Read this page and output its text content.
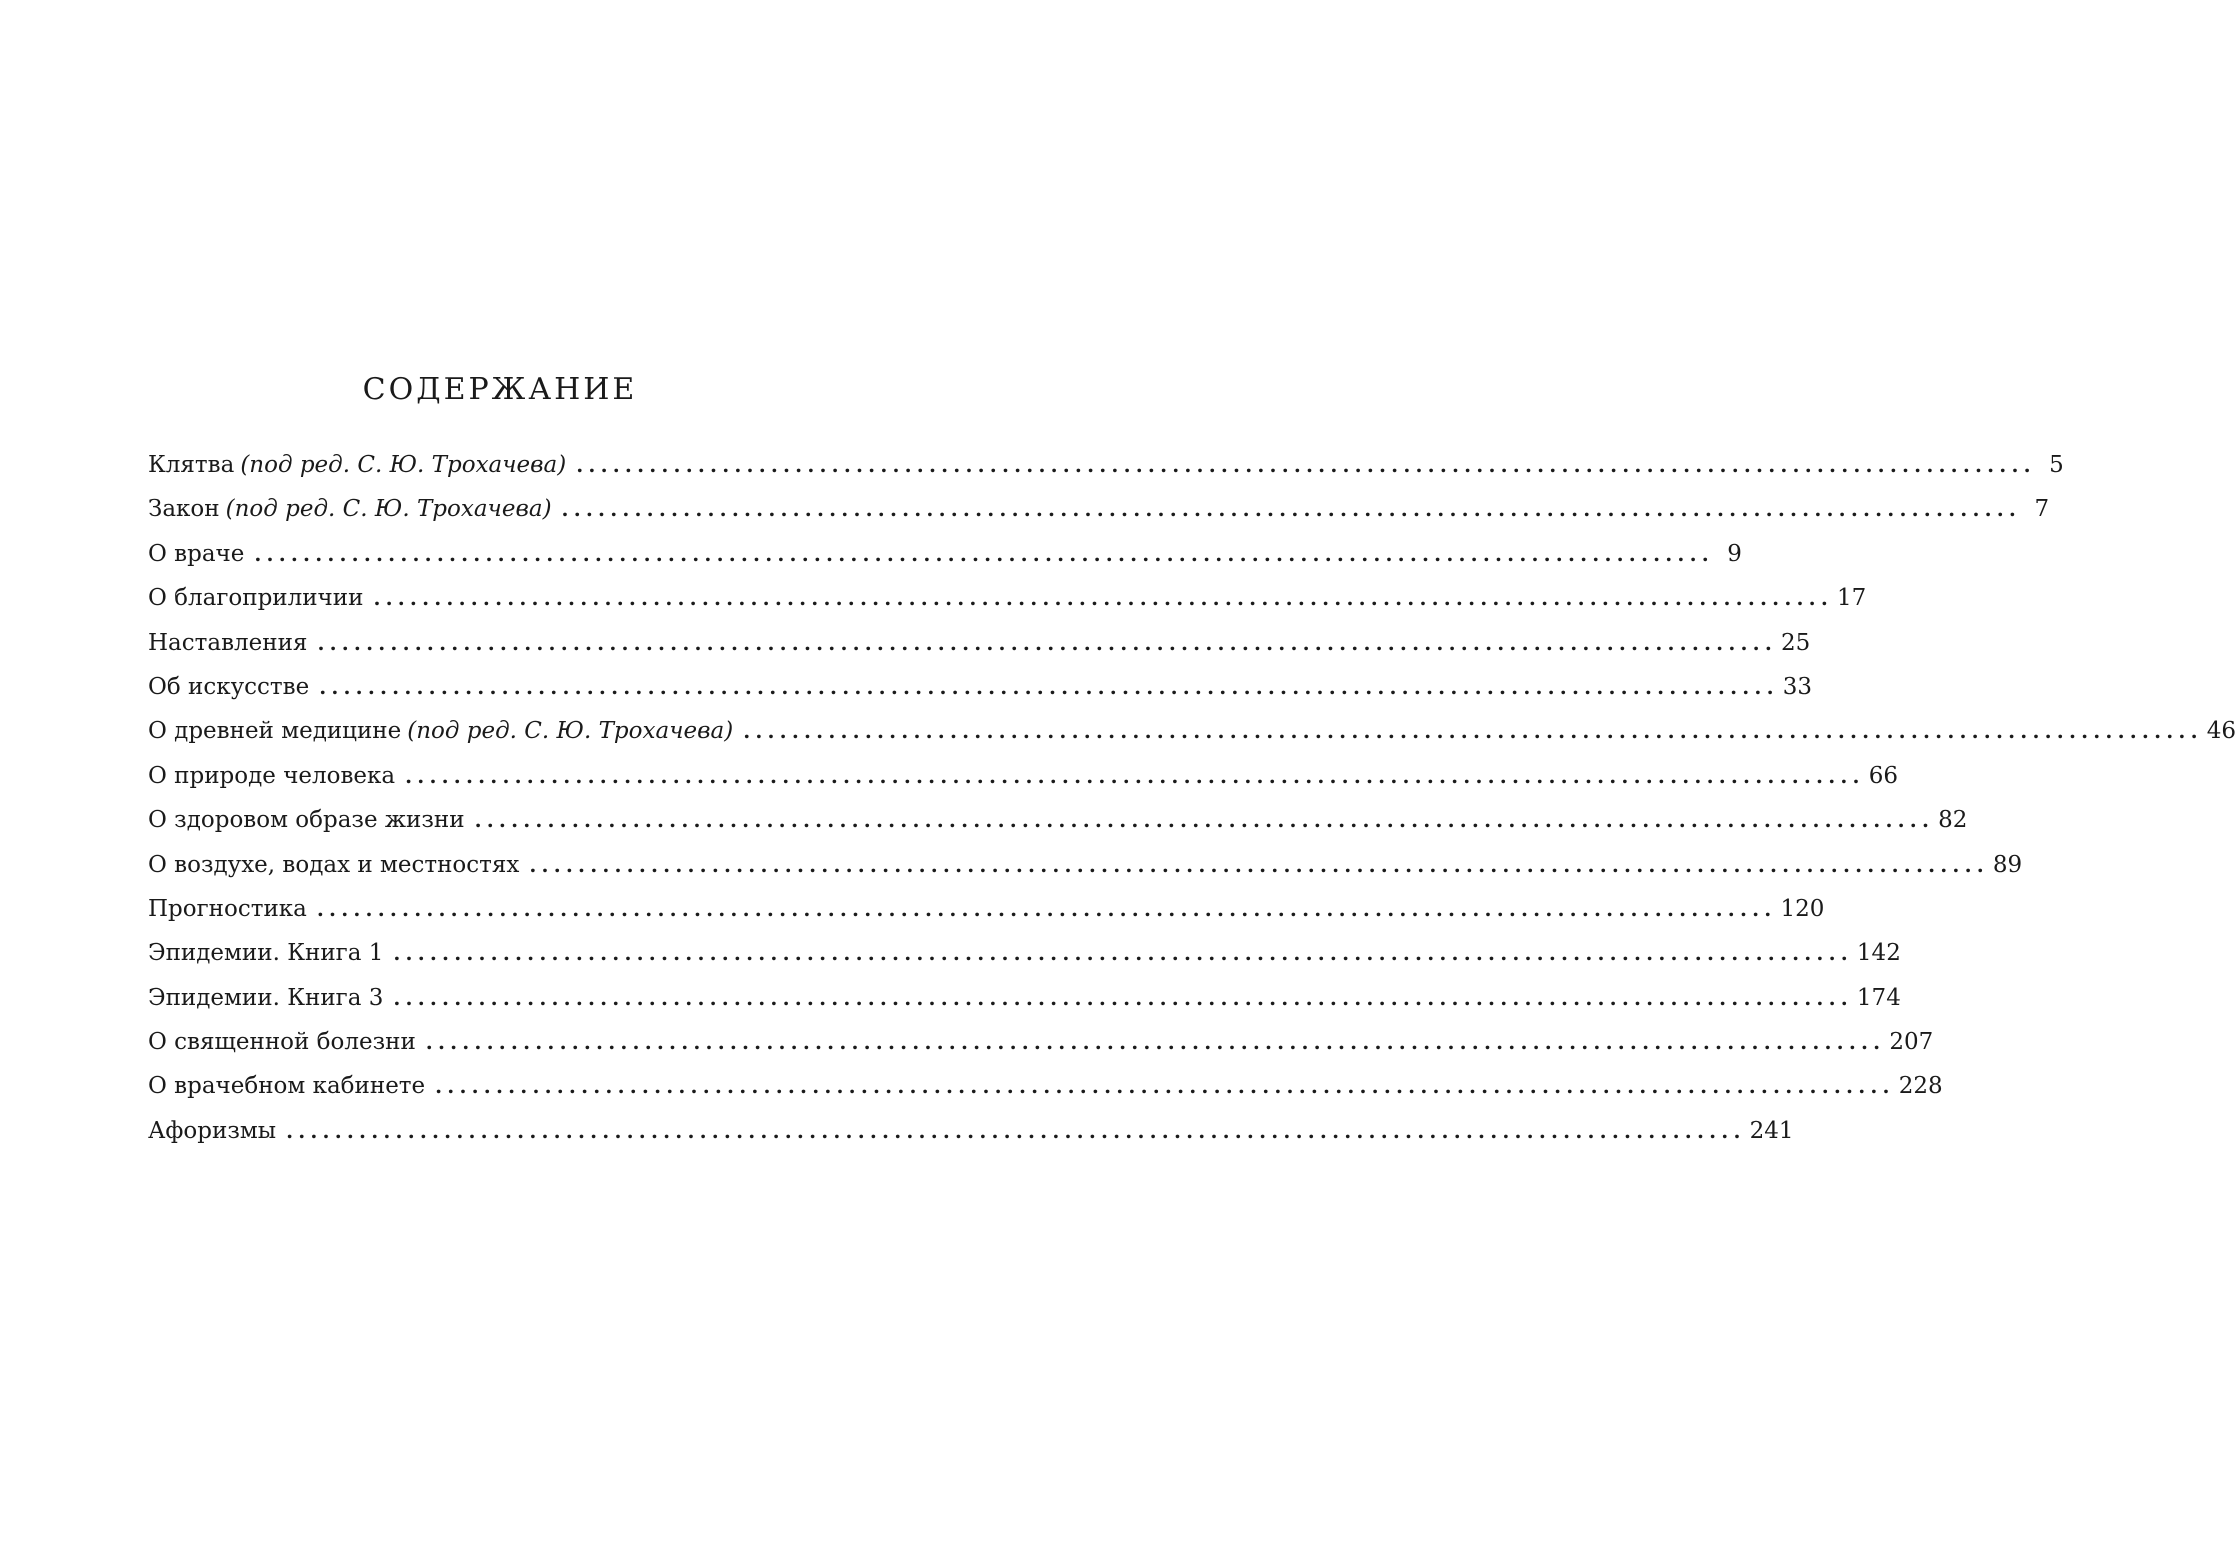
СОДЕРЖАНИЕ
Клятва (под ред. С. Ю. Трохачева) ........................................................................................................................ 5
Закон (под ред. С. Ю. Трохачева) ........................................................................................................................ 7
О враче ........................................................................................................................ 9
О благоприличии ........................................................................................................................ 17
Наставления ........................................................................................................................ 25
Об искусстве ........................................................................................................................ 33
О древней медицине (под ред. С. Ю. Трохачева) ........................................................................................................................ 46
О природе человека ........................................................................................................................ 66
О здоровом образе жизни ........................................................................................................................ 82
О воздухе, водах и местностях ........................................................................................................................ 89
Прогностика ........................................................................................................................ 120
Эпидемии. Книга 1 ........................................................................................................................ 142
Эпидемии. Книга 3 ........................................................................................................................ 174
О священной болезни ........................................................................................................................ 207
О врачебном кабинете ........................................................................................................................ 228
Афоризмы ........................................................................................................................ 241
